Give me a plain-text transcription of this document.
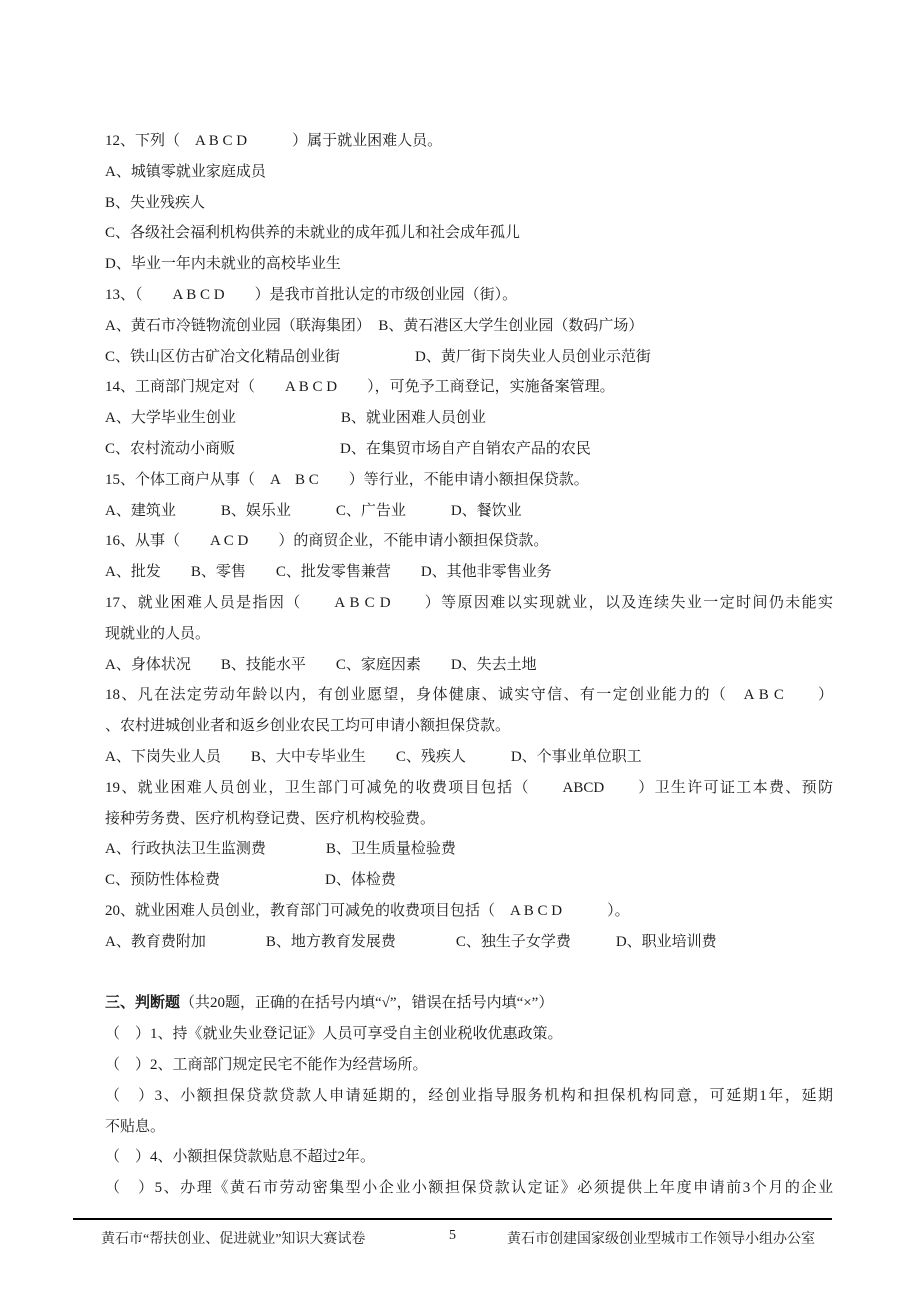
12、下列（　A B C D　　　）属于就业困难人员。
A、城镇零就业家庭成员
B、失业残疾人
C、各级社会福利机构供养的未就业的成年孤儿和社会成年孤儿
D、毕业一年内未就业的高校毕业生
13、（　　A B C D　　）是我市首批认定的市级创业园（街）。
A、黄石市冷链物流创业园（联海集团）　B、黄石港区大学生创业园（数码广场）
C、铁山区仿古矿冶文化精品创业街　　　　　D、黄厂街下岗失业人员创业示范街
14、工商部门规定对（　　A B C D　　），可免予工商登记，实施备案管理。
A、大学毕业生创业　　　　　　　B、就业困难人员创业
C、农村流动小商贩　　　　　　　D、在集贸市场自产自销农产品的农民
15、个体工商户从事（　A　B C　　）等行业，不能申请小额担保贷款。
A、建筑业　　　B、娱乐业　　　C、广告业　　　D、餐饮业
16、从事（　　A C D　　）的商贸企业，不能申请小额担保贷款。
A、批发　　B、零售　　C、批发零售兼营　　D、其他非零售业务
17、就业困难人员是指因（　　A B C D　　）等原因难以实现就业，以及连续失业一定时间仍未能实
现就业的人员。
A、身体状况　　B、技能水平　　C、家庭因素　　D、失去土地
18、凡在法定劳动年龄以内，有创业愿望，身体健康、诚实守信、有一定创业能力的（　A B C　　）
、农村进城创业者和返乡创业农民工均可申请小额担保贷款。
A、下岗失业人员　　B、大中专毕业生　　C、残疾人　　　D、个事业单位职工
19、就业困难人员创业，卫生部门可减免的收费项目包括（　　ABCD　　）卫生许可证工本费、预防
接种劳务费、医疗机构登记费、医疗机构校验费。
A、行政执法卫生监测费　　　　B、卫生质量检验费
C、预防性体检费　　　　　　　D、体检费
20、就业困难人员创业，教育部门可减免的收费项目包括（　A B C D　　　）。
A、教育费附加　　　　B、地方教育发展费　　　　C、独生子女学费　　　D、职业培训费

三、判断题（共20题，正确的在括号内填“√”，错误在括号内填“×”）
（　）1、持《就业失业登记证》人员可享受自主创业税收优惠政策。
（　）2、工商部门规定民宅不能作为经营场所。
（　）3、小额担保贷款贷款人申请延期的，经创业指导服务机构和担保机构同意，可延期1年，延期
不贴息。
（　）4、小额担保贷款贴息不超过2年。
（　）5、办理《黄石市劳动密集型小企业小额担保贷款认定证》必须提供上年度申请前3个月的企业
黄石市“帮扶创业、促进就业”知识大赛试卷	5	黄石市创建国家级创业型城市工作领导小组办公室
